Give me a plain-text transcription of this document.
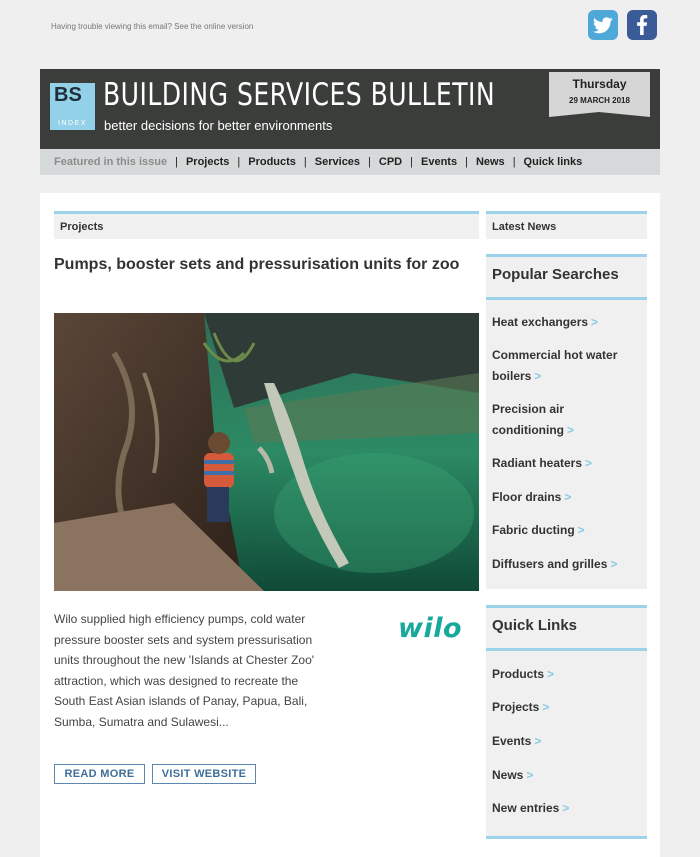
Having trouble viewing this email? See the online version
BS
INDEX
BUILDING SERVICES BULLETIN
better decisions for better environments
Thursday
29 MARCH 2018
Featured in this issue | Projects | Products | Services | CPD | Events | News | Quick links
Projects	Latest News
Pumps, booster sets and pressurisation units for zoo
Wilo supplied high efficiency pumps, cold water pressure booster sets and system pressurisation units throughout the new 'Islands at Chester Zoo' attraction, which was designed to recreate the South East Asian islands of Panay, Papua, Bali, Sumba, Sumatra and Sulawesi...
wilo
READ MORE	VISIT WEBSITE
Popular Searches
Heat exchangers >
Commercial hot water boilers >
Precision air conditioning >
Radiant heaters >
Floor drains >
Fabric ducting >
Diffusers and grilles >
Quick Links
Products >
Projects >
Events >
News >
New entries >
